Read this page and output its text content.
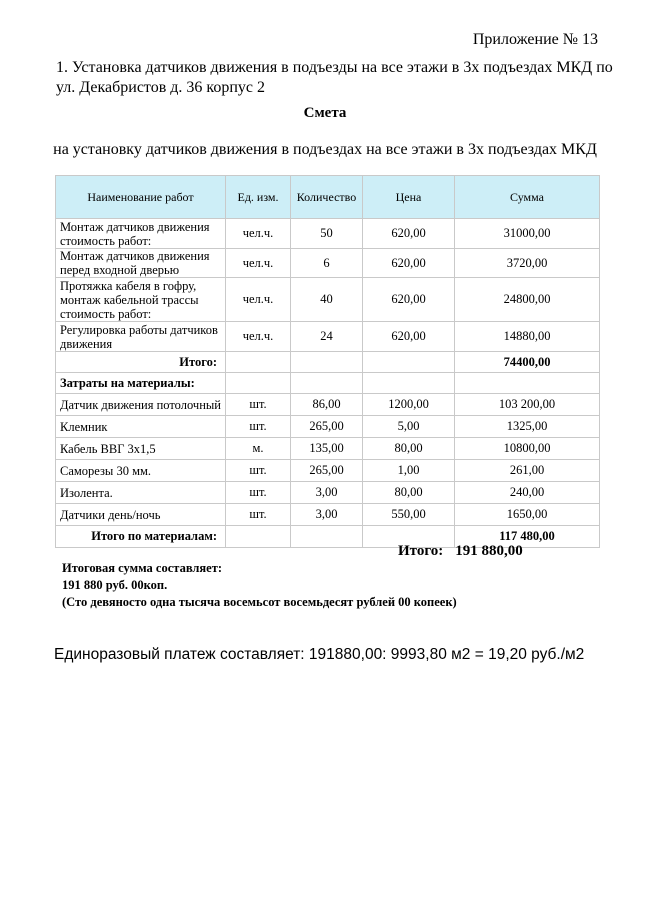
Приложение № 13
1. Установка датчиков движения в подъезды на все этажи в 3х подъездах МКД по ул. Декабристов д. 36 корпус 2
Смета
на установку датчиков движения в подъездах на все этажи в 3х подъездах МКД
Наименование работ	Ед. изм.	Количество	Цена	Сумма
Монтаж датчиков движения стоимость работ:	чел.ч.	50	620,00	31000,00
Монтаж датчиков движения перед входной дверью	чел.ч.	6	620,00	3720,00
Протяжка кабеля в гофру, монтаж кабельной трассы стоимость работ:	чел.ч.	40	620,00	24800,00
Регулировка работы датчиков движения	чел.ч.	24	620,00	14880,00
Итого:				74400,00
Затраты на материалы:				
Датчик движения потолочный	шт.	86,00	1200,00	103 200,00
Клемник	шт.	265,00	5,00	1325,00
Кабель ВВГ 3х1,5	м.	135,00	80,00	10800,00
Саморезы 30 мм.	шт.	265,00	1,00	261,00
Изолента.	шт.	3,00	80,00	240,00
Датчики день/ночь	шт.	3,00	550,00	1650,00
Итого по материалам:				117 480,00
Итого: 191 880,00
Итоговая сумма составляет:
191 880 руб. 00коп.
(Сто девяносто одна тысяча восемьсот восемьдесят рублей 00 копеек)
Единоразовый платеж составляет: 191880,00: 9993,80 м2 = 19,20 руб./м2
